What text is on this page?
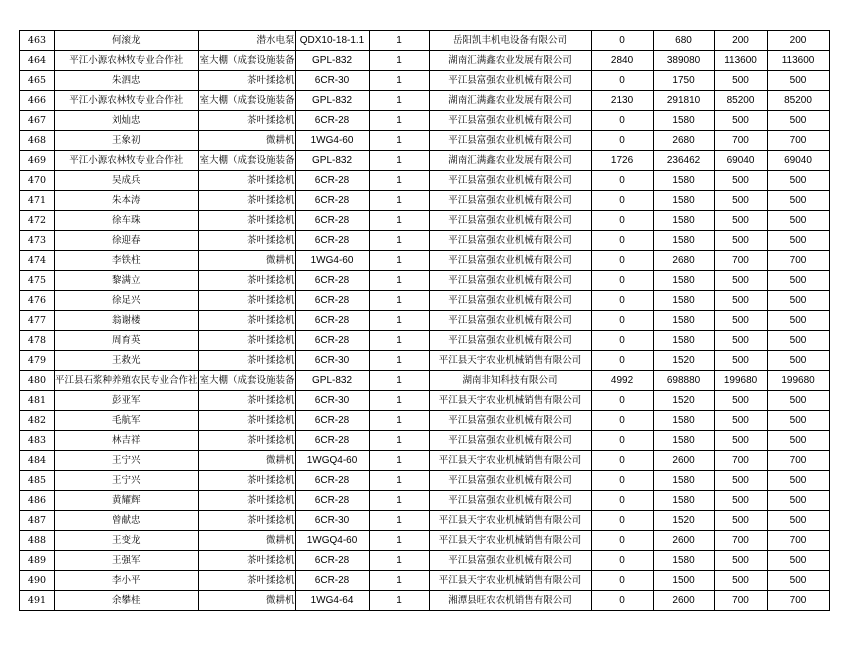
463	何滚龙	潜水电泵	QDX10-18-1.1	1	岳阳凯丰机电设备有限公司	0	680	200	200
464	平江小源农林牧专业合作社	室大棚（成套设施装备	GPL-832	1	湖南汇满鑫农业发展有限公司	2840	389080	113600	113600
465	朱泗忠	茶叶揉捻机	6CR-30	1	平江县富强农业机械有限公司	0	1750	500	500
466	平江小源农林牧专业合作社	室大棚（成套设施装备	GPL-832	1	湖南汇满鑫农业发展有限公司	2130	291810	85200	85200
467	刘灿忠	茶叶揉捻机	6CR-28	1	平江县富强农业机械有限公司	0	1580	500	500
468	王象初	微耕机	1WG4-60	1	平江县富强农业机械有限公司	0	2680	700	700
469	平江小源农林牧专业合作社	室大棚（成套设施装备	GPL-832	1	湖南汇满鑫农业发展有限公司	1726	236462	69040	69040
470	吴成兵	茶叶揉捻机	6CR-28	1	平江县富强农业机械有限公司	0	1580	500	500
471	朱本涛	茶叶揉捻机	6CR-28	1	平江县富强农业机械有限公司	0	1580	500	500
472	徐车珠	茶叶揉捻机	6CR-28	1	平江县富强农业机械有限公司	0	1580	500	500
473	徐迎春	茶叶揉捻机	6CR-28	1	平江县富强农业机械有限公司	0	1580	500	500
474	李铁柱	微耕机	1WG4-60	1	平江县富强农业机械有限公司	0	2680	700	700
475	黎满立	茶叶揉捻机	6CR-28	1	平江县富强农业机械有限公司	0	1580	500	500
476	徐足兴	茶叶揉捻机	6CR-28	1	平江县富强农业机械有限公司	0	1580	500	500
477	翁谢楼	茶叶揉捻机	6CR-28	1	平江县富强农业机械有限公司	0	1580	500	500
478	周育英	茶叶揉捻机	6CR-28	1	平江县富强农业机械有限公司	0	1580	500	500
479	王救光	茶叶揉捻机	6CR-30	1	平江县天宇农业机械销售有限公司	0	1520	500	500
480	平江县石浆种养殖农民专业合作社	室大棚（成套设施装备	GPL-832	1	湖南非知科技有限公司	4992	698880	199680	199680
481	彭亚军	茶叶揉捻机	6CR-30	1	平江县天宇农业机械销售有限公司	0	1520	500	500
482	毛航军	茶叶揉捻机	6CR-28	1	平江县富强农业机械有限公司	0	1580	500	500
483	林吉祥	茶叶揉捻机	6CR-28	1	平江县富强农业机械有限公司	0	1580	500	500
484	王宁兴	微耕机	1WGQ4-60	1	平江县天宇农业机械销售有限公司	0	2600	700	700
485	王宁兴	茶叶揉捻机	6CR-28	1	平江县富强农业机械有限公司	0	1580	500	500
486	黄耀辉	茶叶揉捻机	6CR-28	1	平江县富强农业机械有限公司	0	1580	500	500
487	曾献忠	茶叶揉捻机	6CR-30	1	平江县天宇农业机械销售有限公司	0	1520	500	500
488	王变龙	微耕机	1WGQ4-60	1	平江县天宇农业机械销售有限公司	0	2600	700	700
489	王强军	茶叶揉捻机	6CR-28	1	平江县富强农业机械有限公司	0	1580	500	500
490	李小平	茶叶揉捻机	6CR-28	1	平江县天宇农业机械销售有限公司	0	1500	500	500
491	余攀桂	微耕机	1WG4-64	1	湘潭县旺农农机销售有限公司	0	2600	700	700
